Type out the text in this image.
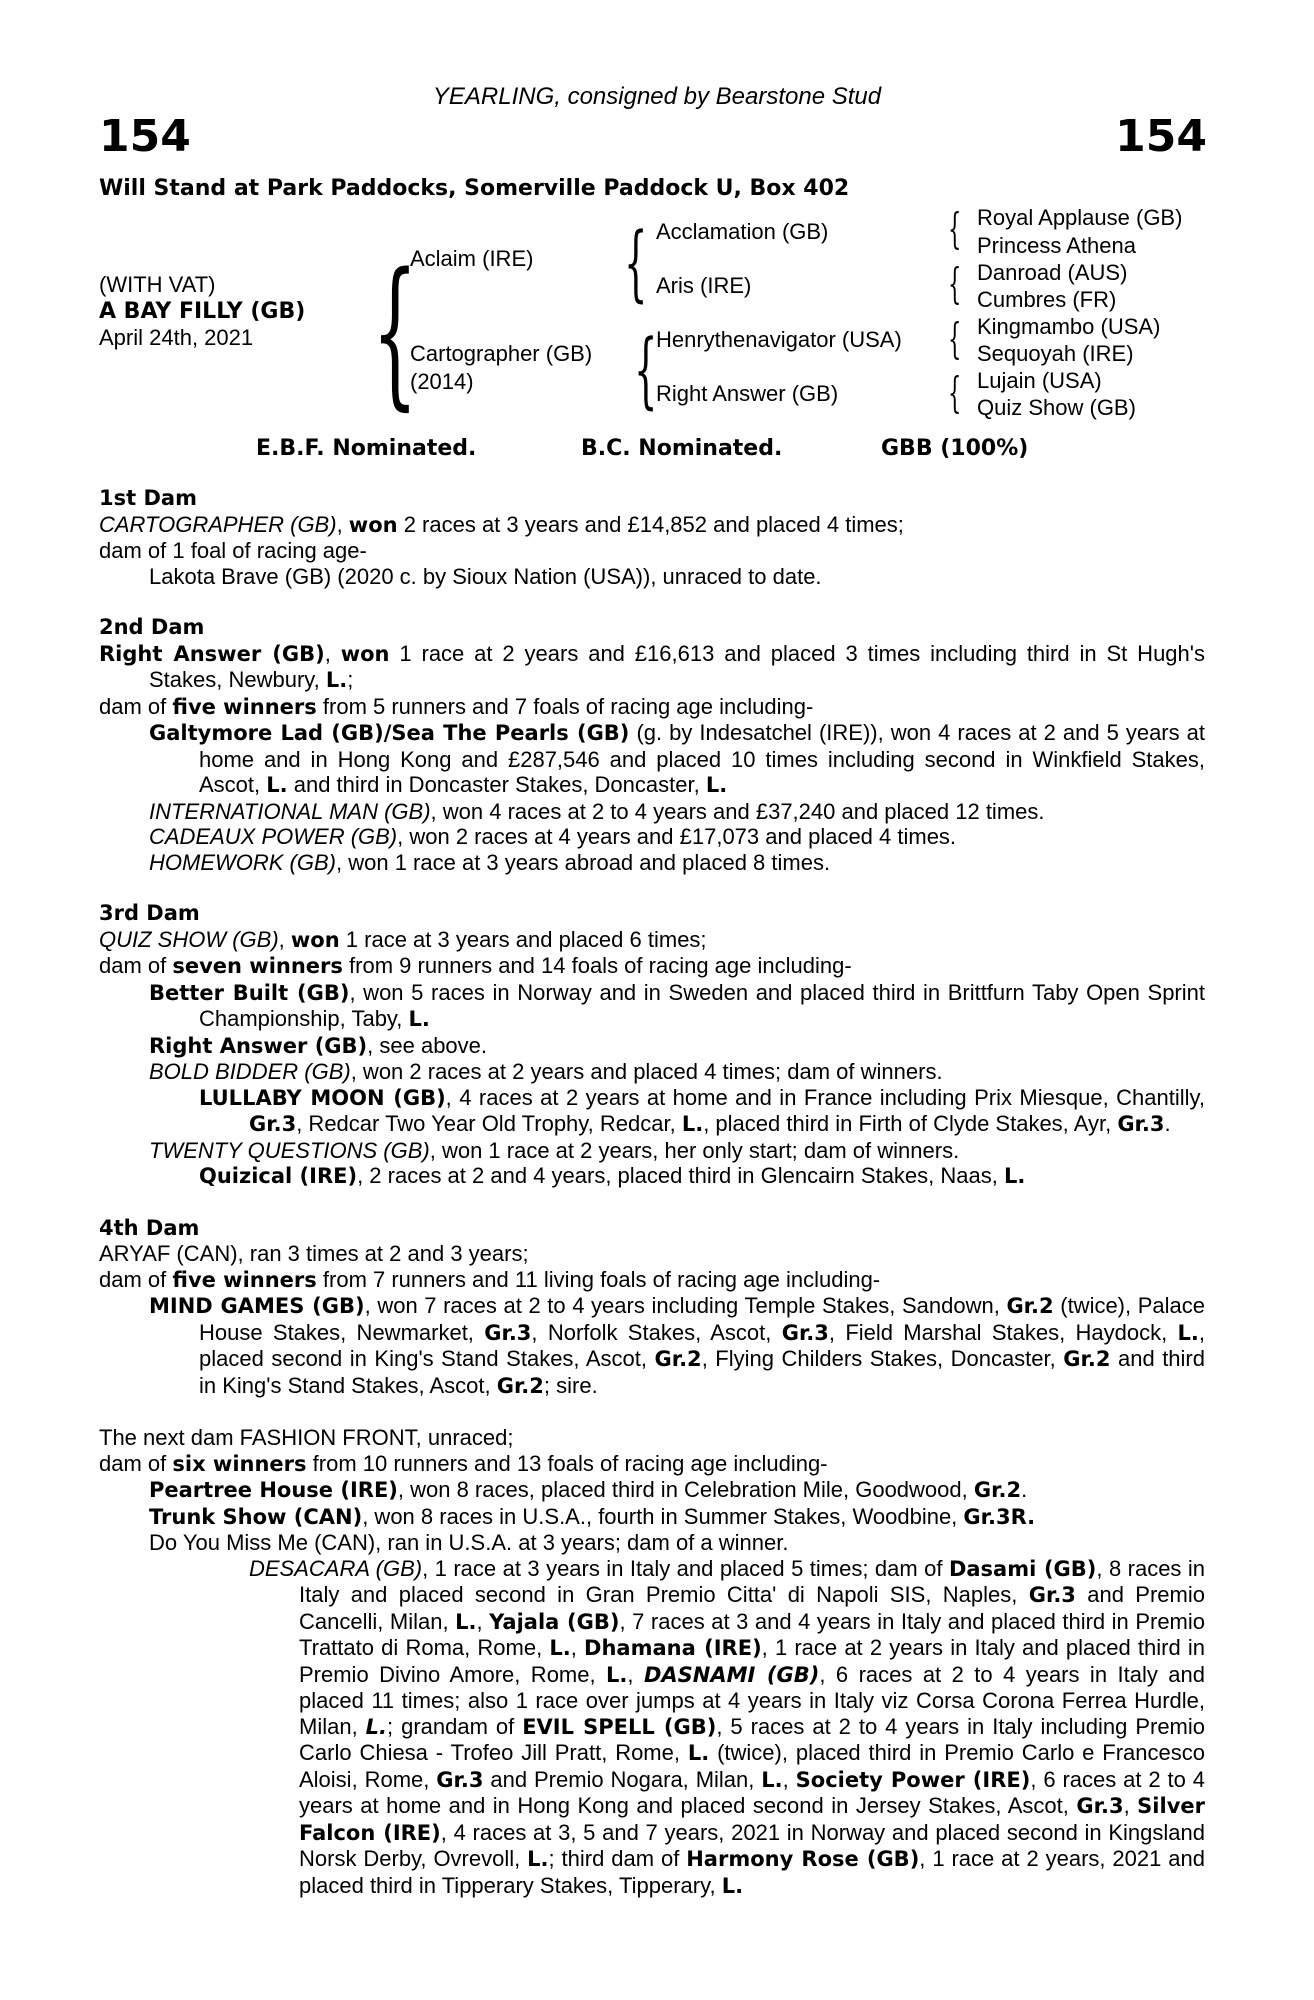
YEARLING, consigned by Bearstone Stud
154	154
Will Stand at Park Paddocks, Somerville Paddock U, Box 402
(WITH VAT)
A BAY FILLY (GB)
April 24th, 2021 {	{
{
{
{
{
{
Aclaim (IRE)
Cartographer (GB)
(2014)
Acclamation (GB)
Aris (IRE)
Henrythenavigator (USA)
Right Answer (GB)
Royal Applause (GB)
Princess Athena
Danroad (AUS)
Cumbres (FR)
Kingmambo (USA)
Sequoyah (IRE)
Lujain (USA)
Quiz Show (GB)
E.B.F. Nominated.	B.C. Nominated.	GBB (100%)

1st Dam

CARTOGRAPHER (GB), won 2 races at 3 years and £14,852 and placed 4 times;

dam of 1 foal of racing age-

Lakota Brave (GB) (2020 c. by Sioux Nation (USA)), unraced to date.

2nd Dam

Right Answer (GB), won 1 race at 2 years and £16,613 and placed 3 times including third in St Hugh's Stakes, Newbury, L.;

dam of five winners from 5 runners and 7 foals of racing age including-

Galtymore Lad (GB)/Sea The Pearls (GB) (g. by Indesatchel (IRE)), won 4 races at 2 and 5 years at home and in Hong Kong and £287,546 and placed 10 times including second in Winkfield Stakes, Ascot, L. and third in Doncaster Stakes, Doncaster, L.

INTERNATIONAL MAN (GB), won 4 races at 2 to 4 years and £37,240 and placed 12 times.

CADEAUX POWER (GB), won 2 races at 4 years and £17,073 and placed 4 times.

HOMEWORK (GB), won 1 race at 3 years abroad and placed 8 times.

3rd Dam

QUIZ SHOW (GB), won 1 race at 3 years and placed 6 times;

dam of seven winners from 9 runners and 14 foals of racing age including-

Better Built (GB), won 5 races in Norway and in Sweden and placed third in Brittfurn Taby Open Sprint Championship, Taby, L.

Right Answer (GB), see above.

BOLD BIDDER (GB), won 2 races at 2 years and placed 4 times; dam of winners.

LULLABY MOON (GB), 4 races at 2 years at home and in France including Prix Miesque, Chantilly, Gr.3, Redcar Two Year Old Trophy, Redcar, L., placed third in Firth of Clyde Stakes, Ayr, Gr.3.

TWENTY QUESTIONS (GB), won 1 race at 2 years, her only start; dam of winners.

Quizical (IRE), 2 races at 2 and 4 years, placed third in Glencairn Stakes, Naas, L.

4th Dam

ARYAF (CAN), ran 3 times at 2 and 3 years;

dam of five winners from 7 runners and 11 living foals of racing age including-

MIND GAMES (GB), won 7 races at 2 to 4 years including Temple Stakes, Sandown, Gr.2 (twice), Palace House Stakes, Newmarket, Gr.3, Norfolk Stakes, Ascot, Gr.3, Field Marshal Stakes, Haydock, L., placed second in King's Stand Stakes, Ascot, Gr.2, Flying Childers Stakes, Doncaster, Gr.2 and third in King's Stand Stakes, Ascot, Gr.2; sire.

The next dam FASHION FRONT, unraced;

dam of six winners from 10 runners and 13 foals of racing age including-

Peartree House (IRE), won 8 races, placed third in Celebration Mile, Goodwood, Gr.2.

Trunk Show (CAN), won 8 races in U.S.A., fourth in Summer Stakes, Woodbine, Gr.3R.

Do You Miss Me (CAN), ran in U.S.A. at 3 years; dam of a winner.

DESACARA (GB), 1 race at 3 years in Italy and placed 5 times; dam of Dasami (GB), 8 races in Italy and placed second in Gran Premio Citta' di Napoli SIS, Naples, Gr.3 and Premio Cancelli, Milan, L., Yajala (GB), 7 races at 3 and 4 years in Italy and placed third in Premio Trattato di Roma, Rome, L., Dhamana (IRE), 1 race at 2 years in Italy and placed third in Premio Divino Amore, Rome, L., DASNAMI (GB), 6 races at 2 to 4 years in Italy and placed 11 times; also 1 race over jumps at 4 years in Italy viz Corsa Corona Ferrea Hurdle, Milan, L.; grandam of EVIL SPELL (GB), 5 races at 2 to 4 years in Italy including Premio Carlo Chiesa - Trofeo Jill Pratt, Rome, L. (twice), placed third in Premio Carlo e Francesco Aloisi, Rome, Gr.3 and Premio Nogara, Milan, L., Society Power (IRE), 6 races at 2 to 4 years at home and in Hong Kong and placed second in Jersey Stakes, Ascot, Gr.3, Silver Falcon (IRE), 4 races at 3, 5 and 7 years, 2021 in Norway and placed second in Kingsland Norsk Derby, Ovrevoll, L.; third dam of Harmony Rose (GB), 1 race at 2 years, 2021 and placed third in Tipperary Stakes, Tipperary, L.
